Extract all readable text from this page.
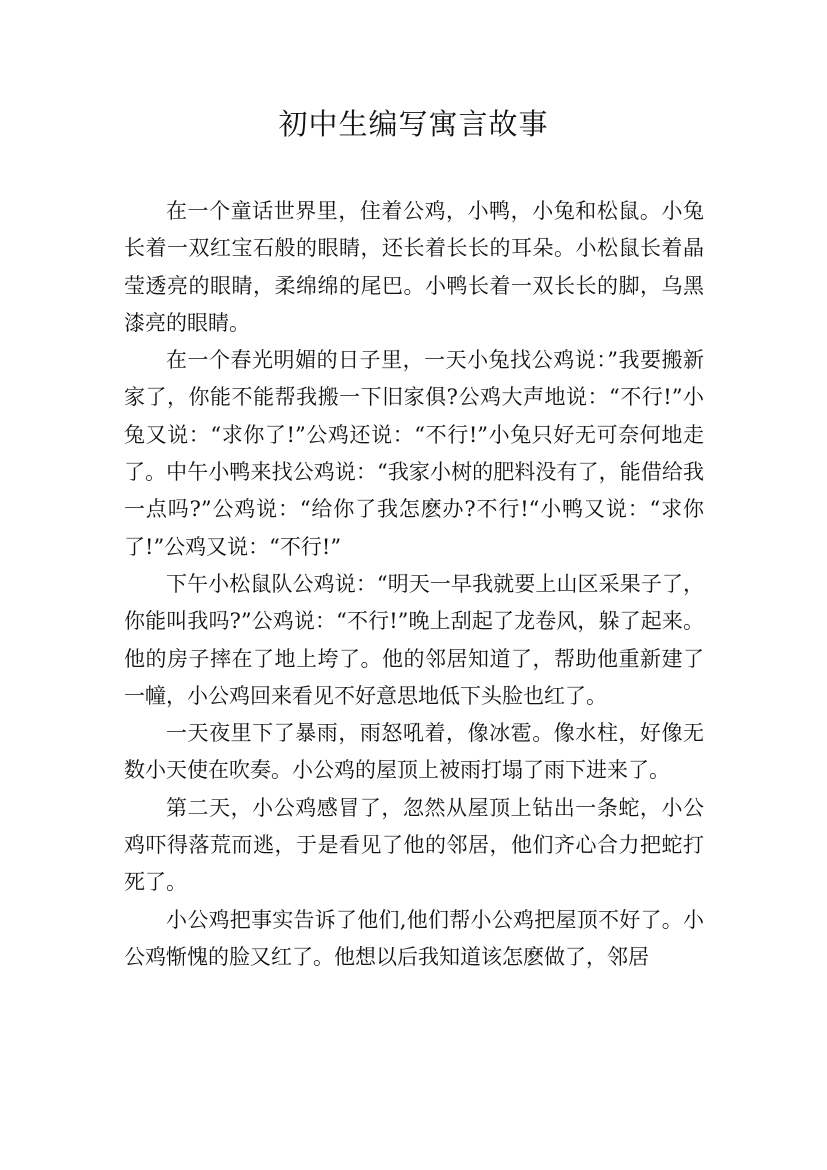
初中生编写寓言故事

在一个童话世界里，住着公鸡，小鸭，小兔和松鼠。小兔长着一双红宝石般的眼睛，还长着长长的耳朵。小松鼠长着晶莹透亮的眼睛，柔绵绵的尾巴。小鸭长着一双长长的脚，乌黑漆亮的眼睛。

在一个春光明媚的日子里，一天小兔找公鸡说：”我要搬新家了，你能不能帮我搬一下旧家俱?公鸡大声地说：“不行!”小兔又说：“求你了!”公鸡还说：“不行!”小兔只好无可奈何地走了。中午小鸭来找公鸡说：“我家小树的肥料没有了，能借给我一点吗?”公鸡说：“给你了我怎麽办?不行!“小鸭又说：“求你了!”公鸡又说：“不行!”

下午小松鼠队公鸡说：“明天一早我就要上山区采果子了，你能叫我吗?”公鸡说：“不行!”晚上刮起了龙卷风，躲了起来。他的房子摔在了地上垮了。他的邻居知道了，帮助他重新建了一幢，小公鸡回来看见不好意思地低下头脸也红了。

一天夜里下了暴雨，雨怒吼着，像冰雹。像水柱，好像无数小天使在吹奏。小公鸡的屋顶上被雨打塌了雨下进来了。

第二天，小公鸡感冒了，忽然从屋顶上钻出一条蛇，小公鸡吓得落荒而逃，于是看见了他的邻居，他们齐心合力把蛇打死了。

小公鸡把事实告诉了他们,他们帮小公鸡把屋顶不好了。小公鸡惭愧的脸又红了。他想以后我知道该怎麽做了，邻居
